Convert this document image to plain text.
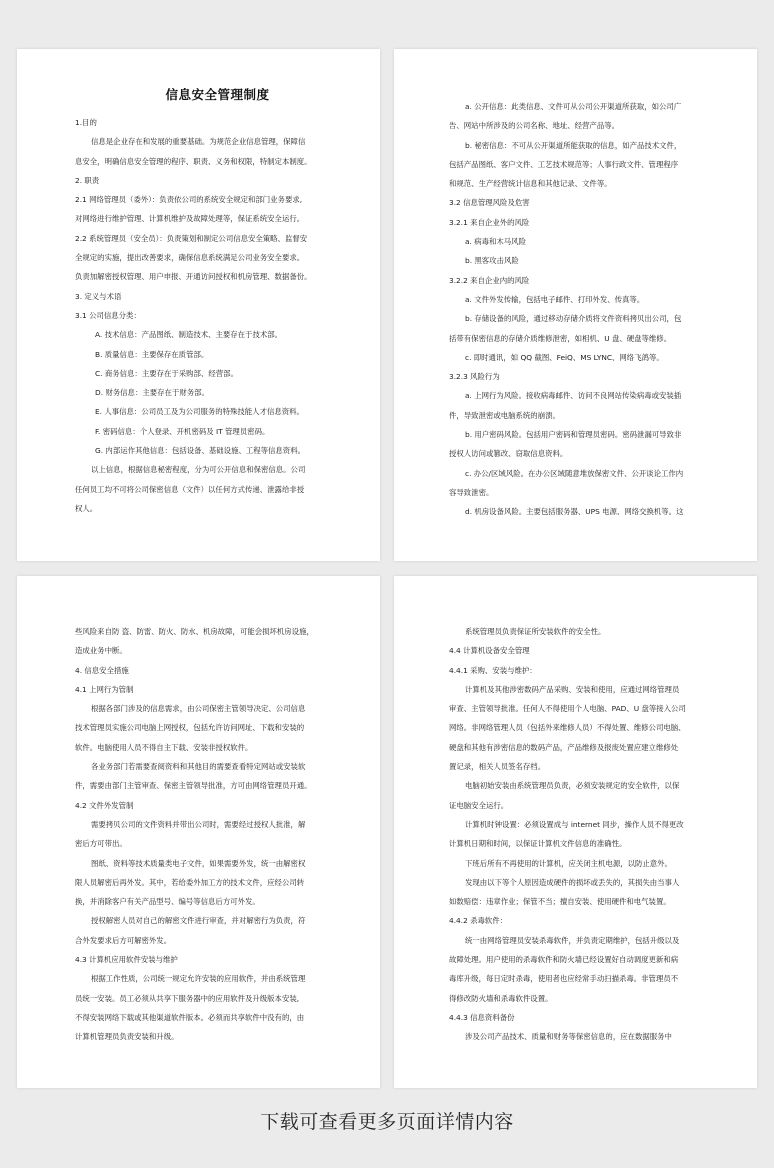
信息安全管理制度
1.目的
信息是企业存在和发展的重要基础。为规范企业信息管理，保障信
息安全，明确信息安全管理的程序、职责、义务和权限，特制定本制度。
2. 职责
2.1 网络管理员（委外）：负责依公司的系统安全规定和部门业务要求,
对网络进行维护管理、计算机维护及故障处理等，保证系统安全运行。
2.2 系统管理员（安全员）：负责策划和制定公司信息安全策略、监督安
全规定的实施，提出改善要求，确保信息系统满足公司业务安全要求。
负责加解密授权管理、用户申报、开通访问授权和机房管理、数据备份。
3. 定义与术语
3.1 公司信息分类：
A. 技术信息：产品图纸、制造技术、主要存在于技术部。
B. 质量信息：主要保存在质管部。
C. 商务信息：主要存在于采购部、经营部。
D. 财务信息：主要存在于财务部。
E. 人事信息：公司员工及为公司服务的特殊技能人才信息资料。
F. 密码信息：个人登录、开机密码及 IT 管理员密码。
G. 内部运作其他信息：包括设备、基础设施、工程等信息资料。
以上信息，根据信息秘密程度，分为可公开信息和保密信息。公司
任何员工均不可将公司保密信息（文件）以任何方式传递、泄露给非授
权人。
a. 公开信息：此类信息、文件可从公司公开渠道所获取，如公司广
告、网站中所涉及的公司名称、地址、经营产品等。
b. 秘密信息：不可从公开渠道所能获取的信息，如产品技术文件，
包括产品图纸、客户文件、工艺技术规范等；人事行政文件、管理程序
和规范、生产经营统计信息和其他记录、文件等。
3.2 信息管理风险及危害
3.2.1 来自企业外的风险
a. 病毒和木马风险
b. 黑客攻击风险
3.2.2 来自企业内的风险
a. 文件外发传输，包括电子邮件、打印外发、传真等。
b. 存储设备的风险，通过移动存储介质将文件资料拷贝出公司，包
括带有保密信息的存储介质维修泄密，如相机、U 盘、硬盘等维修。
c. 即时通讯，如 QQ 截图、FeiQ、MS LYNC、网络飞鸽等。
3.2.3 风险行为
a. 上网行为风险。接收病毒邮件、访问不良网站传染病毒或安装插
件，导致泄密或电脑系统的崩溃。
b. 用户密码风险。包括用户密码和管理员密码。密码泄漏可导致非
授权人访问或篡改、窃取信息资料。
c. 办公/区域风险。在办公区域随意堆放保密文件、公开谈论工作内
容导致泄密。
d. 机房设备风险。主要包括服务器、UPS 电源、网络交换机等。这
些风险来自防 盗、防雷、防火、防水、机房故障，可能会损坏机房设施，
造成业务中断。
4. 信息安全措施
4.1 上网行为管制
根据各部门涉及的信息需求，由公司保密主管领导决定、公司信息
技术管理员实施公司电脑上网授权，包括允许访问网址、下载和安装的
软件。电脑使用人员不得自主下载、安装非授权软件。
各业务部门若需要查阅资料和其他目的需要查看特定网站或安装软
件，需要由部门主管审查、保密主管领导批准，方可由网络管理员开通。
4.2 文件外发管制
需要拷贝公司的文件资料并带出公司时，需要经过授权人批准，解
密后方可带出。
图纸、资料等技术质量类电子文件，如果需要外发，统一由解密权
限人员解密后再外发。其中，若给委外加工方的技术文件，应经公司转
换，并消除客户有关产品型号、编号等信息后方可外发。
授权解密人员对自己的解密文件进行审查，并对解密行为负责，符
合外发要求后方可解密外发。
4.3 计算机应用软件安装与维护
根据工作性质，公司统一规定允许安装的应用软件，并由系统管理
员统一安装。员工必须从共享下服务器中的应用软件及升级版本安装,
不得安装网络下载或其他渠道软件版本。必须而共享软件中没有的，由
计算机管理员负责安装和升级。
系统管理员负责保证所安装软件的安全性。
4.4 计算机设备安全管理
4.4.1 采购、安装与维护：
计算机及其他涉密数码产品采购、安装和使用，应通过网络管理员
审查、主管领导批准。任何人不得使用个人电脑、PAD、U 盘等接入公司
网络。非网络管理人员（包括外来维修人员）不得处置、维修公司电脑、
硬盘和其他有涉密信息的数码产品，产品维修及报废处置应建立维修处
置记录，相关人员签名存档。
电脑初始安装由系统管理员负责，必须安装规定的安全软件，以保
证电脑安全运行。
计算机时钟设置：必须设置成与 internet 同步，操作人员不得更改
计算机日期和时间，以保证计算机文件信息的准确性。
下班后所有不再使用的计算机，应关闭主机电源，以防止意外。
发现由以下等个人原因造成硬件的损坏或丢失的，其损失由当事人
如数赔偿：违章作业；保管不当；擅自安装、使用硬件和电气装置。
4.4.2 杀毒软件：
统一由网络管理员安装杀毒软件，并负责定期维护，包括升级以及
故障处理。用户使用的杀毒软件和防火墙已经设置好自动调度更新和病
毒库升级，每日定时杀毒，使用者也应经常手动扫描杀毒。非管理员不
得修改防火墙和杀毒软件设置。
4.4.3 信息资料备份
涉及公司产品技术、质量和财务等保密信息的，应在数据服务中
下载可查看更多页面详情内容
